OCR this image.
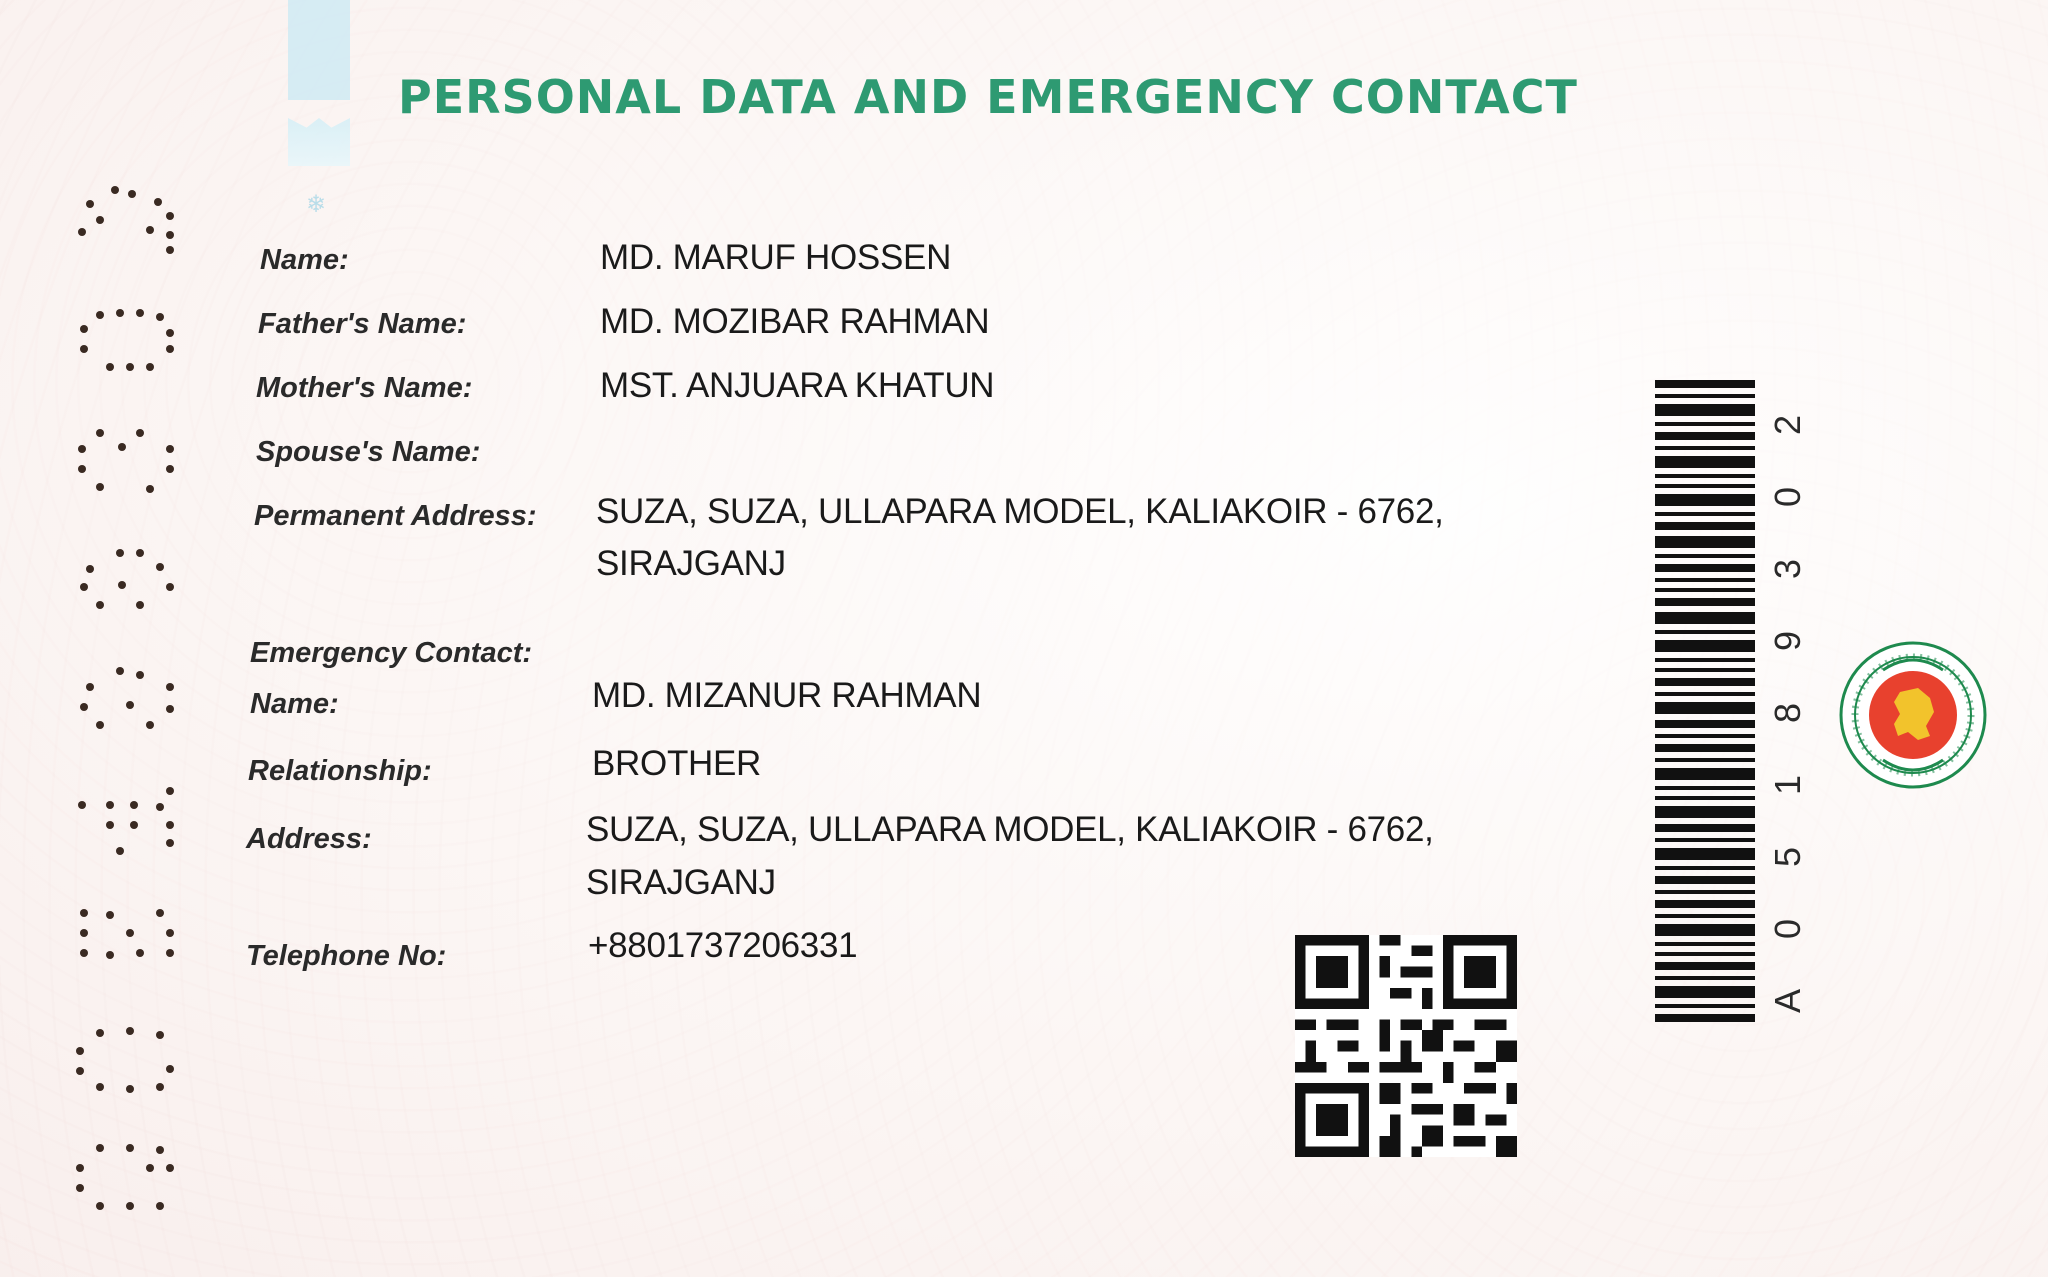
❄
PERSONAL DATA AND EMERGENCY CONTACT
Name:	MD. MARUF HOSSEN
Father's Name:	MD. MOZIBAR RAHMAN
Mother's Name:	MST. ANJUARA KHATUN
Spouse's Name:
Permanent Address: SUZA, SUZA, ULLAPARA MODEL, KALIAKOIR - 6762,
SIRAJGANJ
Emergency Contact:
Name:	MD. MIZANUR RAHMAN
Relationship:	BROTHER
Address:	SUZA, SUZA, ULLAPARA MODEL, KALIAKOIR - 6762,
SIRAJGANJ
Telephone No:	+8801737206331
A
0
5
1
8
9
3
0
2
